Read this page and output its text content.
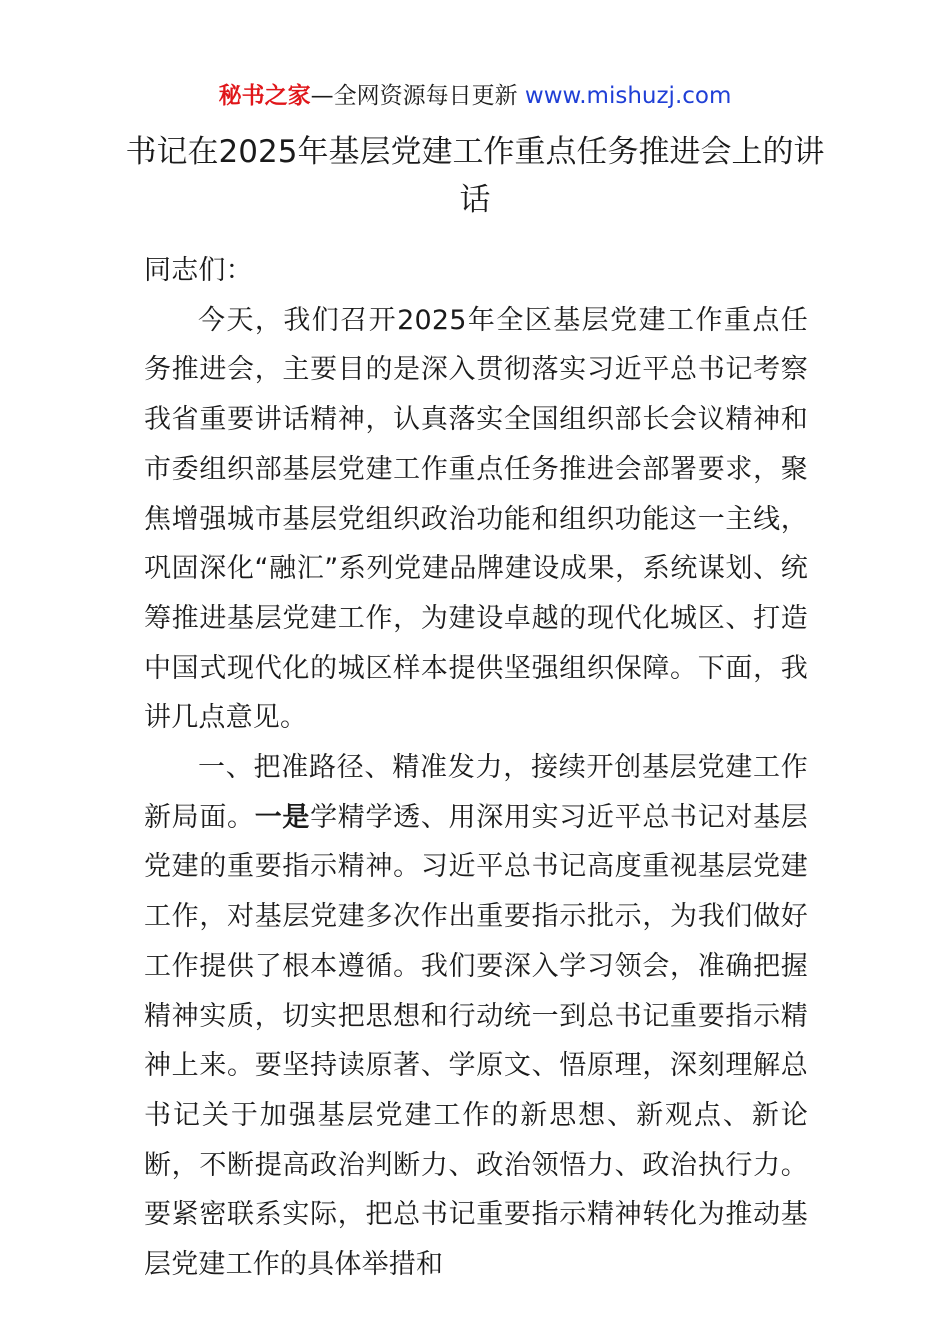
秘书之家—全网资源每日更新 www.mishuzj.com
书记在2025年基层党建工作重点任务推进会上的讲话

同志们：

今天，我们召开2025年全区基层党建工作重点任务推进会，主要目的是深入贯彻落实习近平总书记考察我省重要讲话精神，认真落实全国组织部长会议精神和市委组织部基层党建工作重点任务推进会部署要求，聚焦增强城市基层党组织政治功能和组织功能这一主线，巩固深化“融汇”系列党建品牌建设成果，系统谋划、统筹推进基层党建工作，为建设卓越的现代化城区、打造中国式现代化的城区样本提供坚强组织保障。下面，我讲几点意见。

一、把准路径、精准发力，接续开创基层党建工作新局面。一是学精学透、用深用实习近平总书记对基层党建的重要指示精神。习近平总书记高度重视基层党建工作，对基层党建多次作出重要指示批示，为我们做好工作提供了根本遵循。我们要深入学习领会，准确把握精神实质，切实把思想和行动统一到总书记重要指示精神上来。要坚持读原著、学原文、悟原理，深刻理解总书记关于加强基层党建工作的新思想、新观点、新论断，不断提高政治判断力、政治领悟力、政治执行力。要紧密联系实际，把总书记重要指示精神转化为推动基层党建工作的具体举措和
